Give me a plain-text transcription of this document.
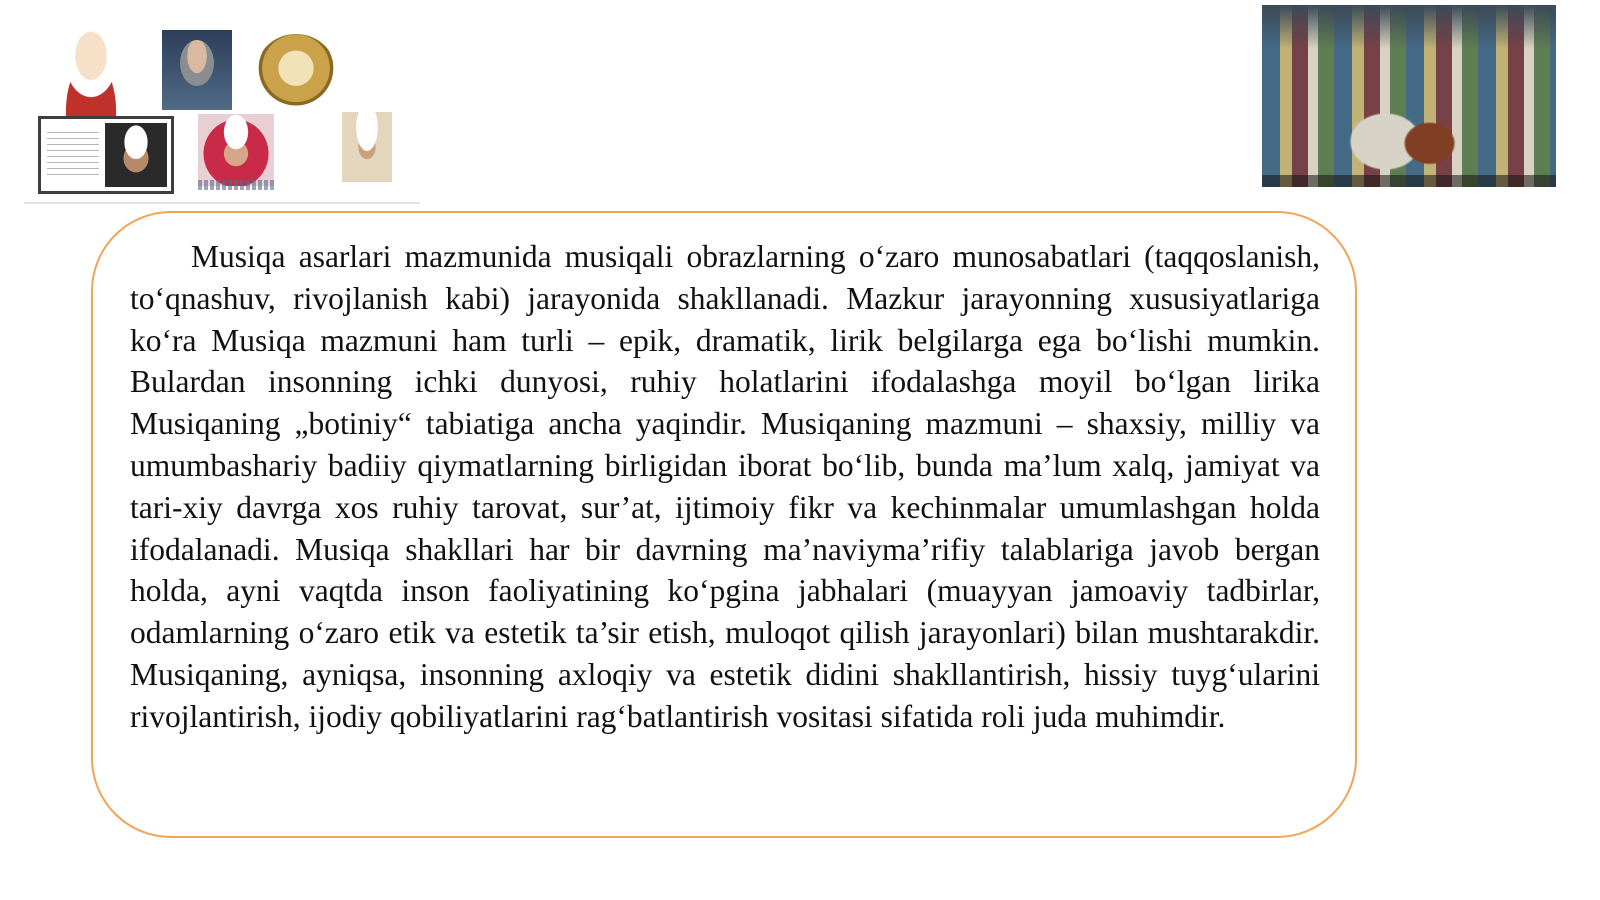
Musiqa asarlari mazmunida musiqali obrazlarning o‘zaro munosabatlari (taqqoslanish, to‘qnashuv, rivojlanish kabi) jarayonida shakllanadi. Mazkur jarayonning xususiyatlariga ko‘ra Musiqa mazmuni ham turli – epik, dramatik, lirik belgilarga ega bo‘lishi mumkin. Bulardan insonning ichki dunyosi, ruhiy holatlarini ifodalashga moyil bo‘lgan lirika Musiqaning „botiniy“ tabiatiga ancha yaqindir. Musiqaning mazmuni – shaxsiy, milliy va umumbashariy badiiy qiymatlarning birligidan iborat bo‘lib, bunda ma’lum xalq, jamiyat va tari-xiy davrga xos ruhiy tarovat, sur’at, ijtimoiy fikr va kechinmalar umumlashgan holda ifodalanadi. Musiqa shakllari har bir davrning ma’naviyma’rifiy talablariga javob bergan holda, ayni vaqtda inson faoliyatining ko‘pgina jabhalari (muayyan jamoaviy tadbirlar, odamlarning o‘zaro etik va estetik ta’sir etish, muloqot qilish jarayonlari) bilan mushtarakdir. Musiqaning, ayniqsa, insonning axloqiy va estetik didini shakllantirish, hissiy tuyg‘ularini rivojlantirish, ijodiy qobiliyatlarini rag‘batlantirish vositasi sifatida roli juda muhimdir.
